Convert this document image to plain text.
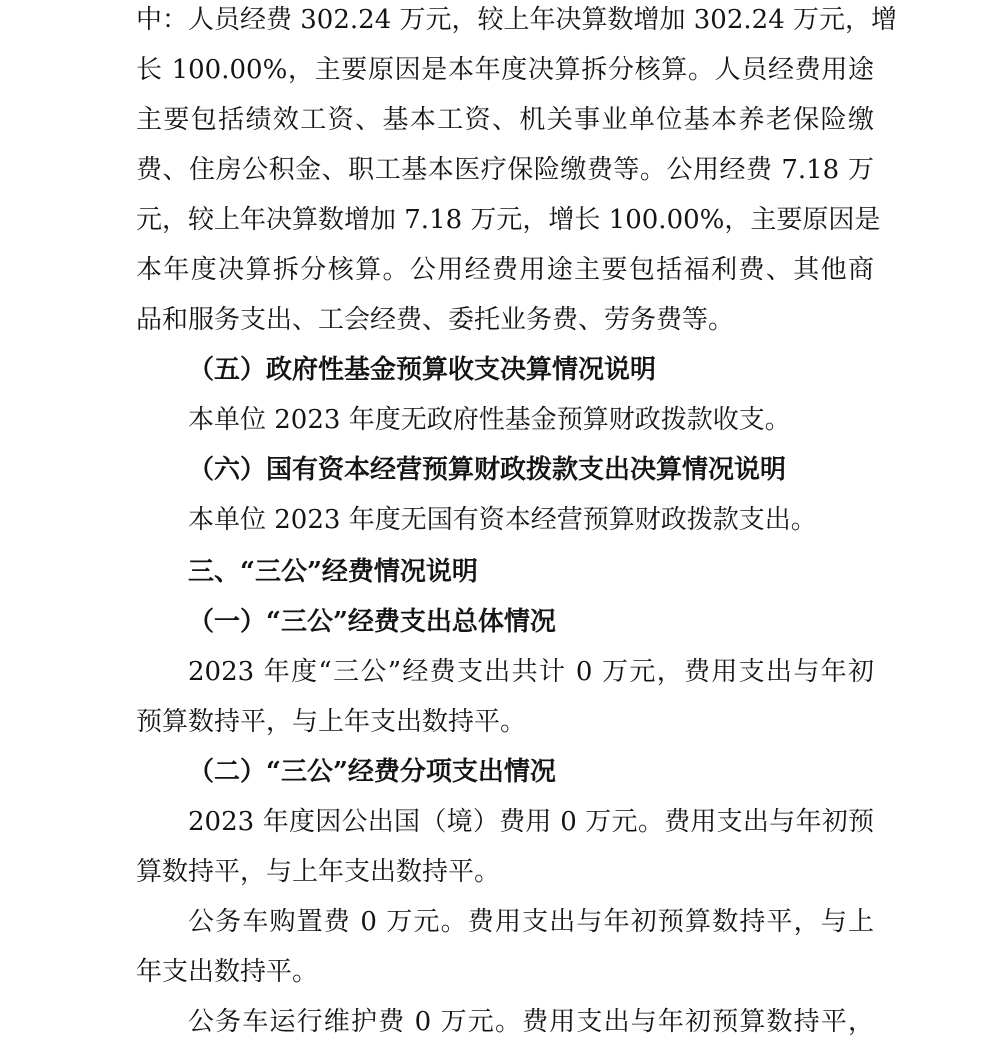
中：人员经费 302.24 万元，较上年决算数增加 302.24 万元，增

长 100.00%，主要原因是本年度决算拆分核算。人员经费用途

主要包括绩效工资、基本工资、机关事业单位基本养老保险缴

费、住房公积金、职工基本医疗保险缴费等。公用经费 7.18 万

元，较上年决算数增加 7.18 万元，增长 100.00%，主要原因是

本年度决算拆分核算。公用经费用途主要包括福利费、其他商

品和服务支出、工会经费、委托业务费、劳务费等。

（五）政府性基金预算收支决算情况说明

本单位 2023 年度无政府性基金预算财政拨款收支。

（六）国有资本经营预算财政拨款支出决算情况说明

本单位 2023 年度无国有资本经营预算财政拨款支出。

三、“三公”经费情况说明

（一）“三公”经费支出总体情况

2023 年度“三公”经费支出共计 0 万元，费用支出与年初

预算数持平，与上年支出数持平。

（二）“三公”经费分项支出情况

2023 年度因公出国（境）费用 0 万元。费用支出与年初预

算数持平，与上年支出数持平。

公务车购置费 0 万元。费用支出与年初预算数持平，与上

年支出数持平。

公务车运行维护费 0 万元。费用支出与年初预算数持平，
